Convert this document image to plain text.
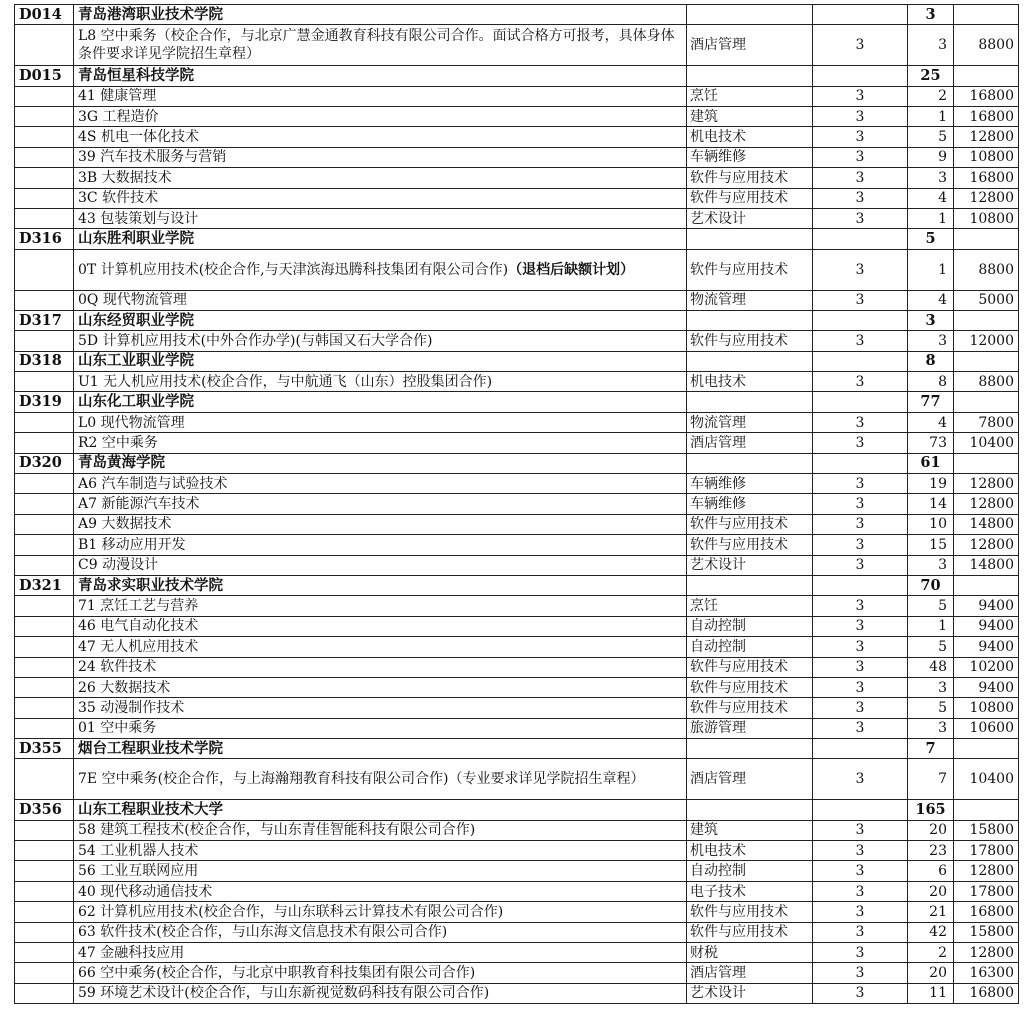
D014	青岛港湾职业技术学院			3	
	L8 空中乘务（校企合作，与北京广慧金通教育科技有限公司合作。面试合格方可报考，具体身体条件要求详见学院招生章程）	酒店管理	3	3	8800
D015	青岛恒星科技学院			25	
	41 健康管理	烹饪	3	2	16800
	3G 工程造价	建筑	3	1	16800
	4S 机电一体化技术	机电技术	3	5	12800
	39 汽车技术服务与营销	车辆维修	3	9	10800
	3B 大数据技术	软件与应用技术	3	3	16800
	3C 软件技术	软件与应用技术	3	4	12800
	43 包装策划与设计	艺术设计	3	1	10800
D316	山东胜利职业学院			5	
	0T 计算机应用技术(校企合作,与天津滨海迅腾科技集团有限公司合作)（退档后缺额计划）	软件与应用技术	3	1	8800
	0Q 现代物流管理	物流管理	3	4	5000
D317	山东经贸职业学院			3	
	5D 计算机应用技术(中外合作办学)(与韩国又石大学合作)	软件与应用技术	3	3	12000
D318	山东工业职业学院			8	
	U1 无人机应用技术(校企合作，与中航通飞（山东）控股集团合作)	机电技术	3	8	8800
D319	山东化工职业学院			77	
	L0 现代物流管理	物流管理	3	4	7800
	R2 空中乘务	酒店管理	3	73	10400
D320	青岛黄海学院			61	
	A6 汽车制造与试验技术	车辆维修	3	19	12800
	A7 新能源汽车技术	车辆维修	3	14	12800
	A9 大数据技术	软件与应用技术	3	10	14800
	B1 移动应用开发	软件与应用技术	3	15	12800
	C9 动漫设计	艺术设计	3	3	14800
D321	青岛求实职业技术学院			70	
	71 烹饪工艺与营养	烹饪	3	5	9400
	46 电气自动化技术	自动控制	3	1	9400
	47 无人机应用技术	自动控制	3	5	9400
	24 软件技术	软件与应用技术	3	48	10200
	26 大数据技术	软件与应用技术	3	3	9400
	35 动漫制作技术	软件与应用技术	3	5	10800
	01 空中乘务	旅游管理	3	3	10600
D355	烟台工程职业技术学院			7	
	7E 空中乘务(校企合作，与上海瀚翔教育科技有限公司合作)（专业要求详见学院招生章程）	酒店管理	3	7	10400
D356	山东工程职业技术大学			165	
	58 建筑工程技术(校企合作，与山东青佳智能科技有限公司合作)	建筑	3	20	15800
	54 工业机器人技术	机电技术	3	23	17800
	56 工业互联网应用	自动控制	3	6	12800
	40 现代移动通信技术	电子技术	3	20	17800
	62 计算机应用技术(校企合作，与山东联科云计算技术有限公司合作)	软件与应用技术	3	21	16800
	63 软件技术(校企合作，与山东海文信息技术有限公司合作)	软件与应用技术	3	42	15800
	47 金融科技应用	财税	3	2	12800
	66 空中乘务(校企合作，与北京中职教育科技集团有限公司合作)	酒店管理	3	20	16300
	59 环境艺术设计(校企合作，与山东新视觉数码科技有限公司合作)	艺术设计	3	11	16800
